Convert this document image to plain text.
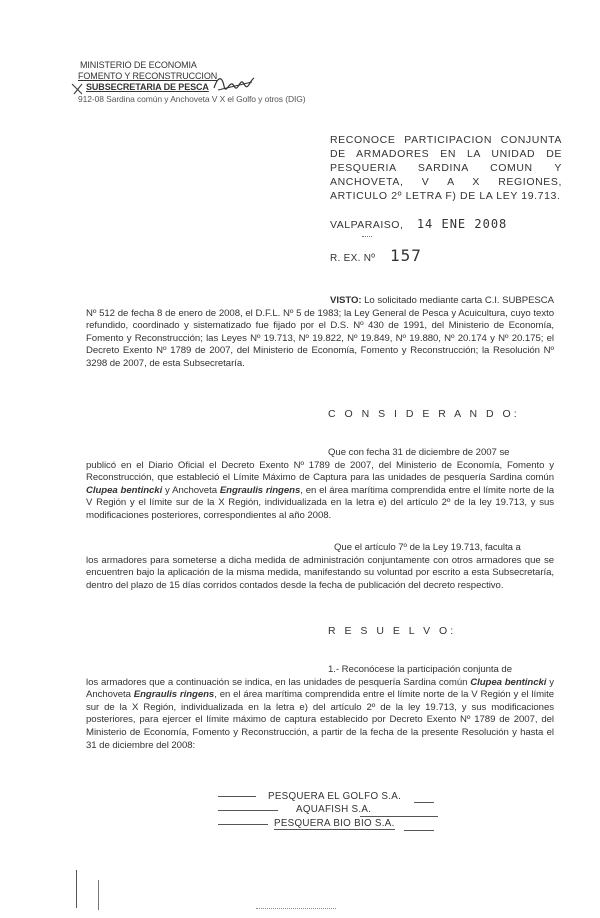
MINISTERIO DE ECONOMIA
FOMENTO Y RECONSTRUCCION
SUBSECRETARIA DE PESCA
912-08 Sardina común y Anchoveta V X el Golfo y otros (DIG)
RECONOCE PARTICIPACION CONJUNTA DE ARMADORES EN LA UNIDAD DE PESQUERIA SARDINA COMUN Y ANCHOVETA, V A X REGIONES, ARTICULO 2º LETRA F) DE LA LEY 19.713.
VALPARAISO, 14 ENE 2008
R. EX. Nº 157
VISTO: Lo solicitado mediante carta C.I. SUBPESCA Nº 512 de fecha 8 de enero de 2008, el D.F.L. Nº 5 de 1983; la Ley General de Pesca y Acuicultura, cuyo texto refundido, coordinado y sistematizado fue fijado por el D.S. Nº 430 de 1991, del Ministerio de Economía, Fomento y Reconstrucción; las Leyes Nº 19.713, Nº 19.822, Nº 19.849, Nº 19.880, Nº 20.174 y Nº 20.175; el Decreto Exento Nº 1789 de 2007, del Ministerio de Economía, Fomento y Reconstrucción; la Resolución Nº 3298 de 2007, de esta Subsecretaría.
C O N S I D E R A N D O:
Que con fecha 31 de diciembre de 2007 se
publicó en el Diario Oficial el Decreto Exento Nº 1789 de 2007, del Ministerio de Economía, Fomento y Reconstrucción, que estableció el Límite Máximo de Captura para las unidades de pesquería Sardina común Clupea bentincki y Anchoveta Engraulis ringens, en el área marítima comprendida entre el límite norte de la V Región y el límite sur de la X Región, individualizada en la letra e) del artículo 2º de la ley 19.713, y sus modificaciones posteriores, correspondientes al año 2008.
Que el artículo 7º de la Ley 19.713, faculta a
los armadores para someterse a dicha medida de administración conjuntamente con otros armadores que se encuentren bajo la aplicación de la misma medida, manifestando su voluntad por escrito a esta Subsecretaría, dentro del plazo de 15 días corridos contados desde la fecha de publicación del decreto respectivo.
R E S U E L V O:
1.- Reconócese la participación conjunta de
los armadores que a continuación se indica, en las unidades de pesquería Sardina común Clupea bentincki y Anchoveta Engraulis ringens, en el área marítima comprendida entre el límite norte de la V Región y el límite sur de la X Región, individualizada en la letra e) del artículo 2º de la ley 19.713, y sus modificaciones posteriores, para ejercer el límite máximo de captura establecido por Decreto Exento Nº 1789 de 2007, del Ministerio de Economía, Fomento y Reconstrucción, a partir de la fecha de la presente Resolución y hasta el 31 de diciembre del 2008:
PESQUERA EL GOLFO S.A.
AQUAFISH S.A.
PESQUERA BIO BIO S.A.
